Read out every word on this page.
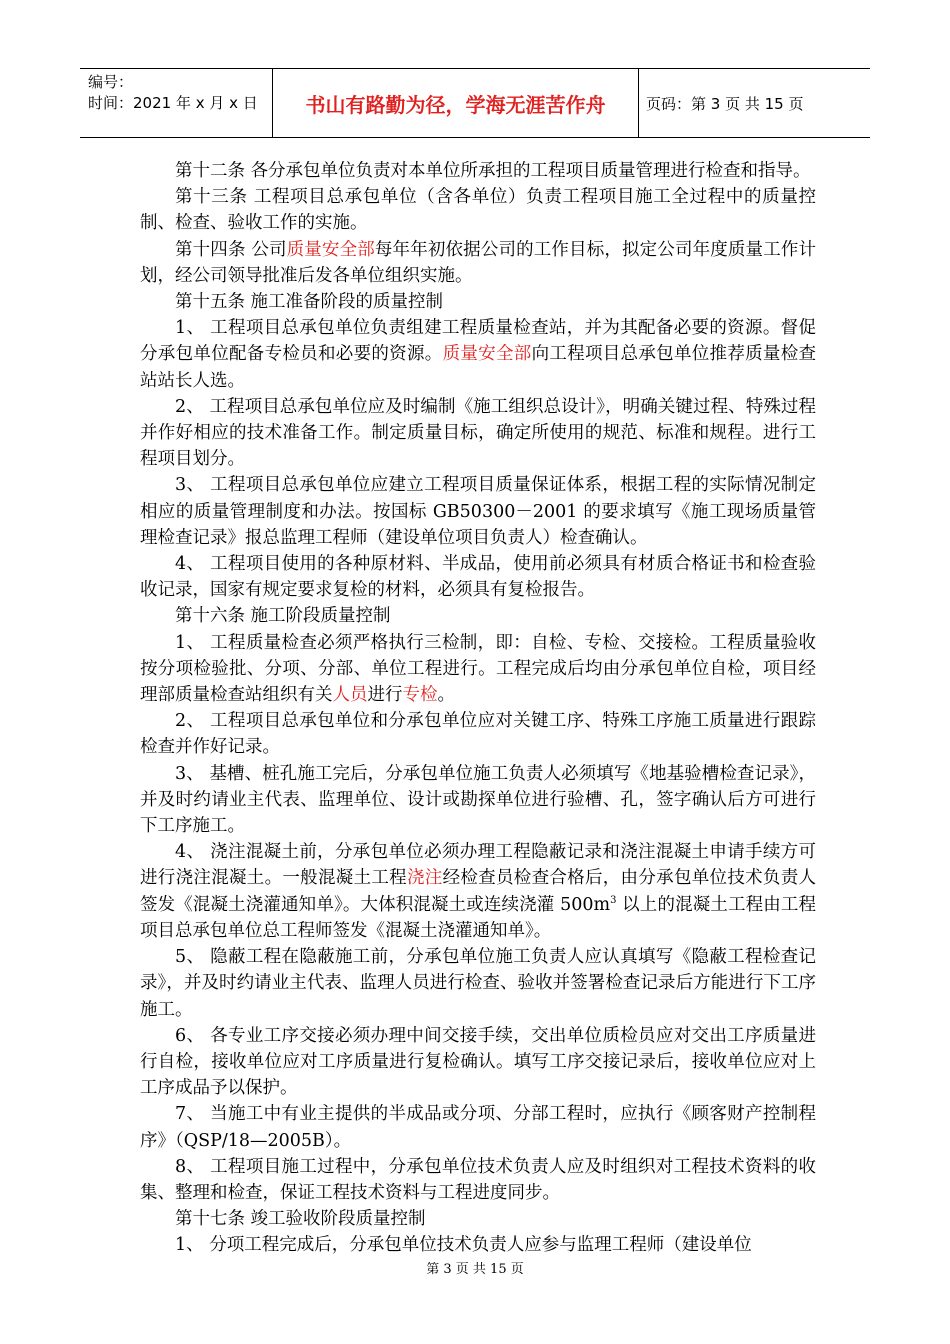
编号：
时间：2021 年 x 月 x 日	书山有路勤为径，学海无涯苦作舟	页码：第 3 页 共 15 页

第十二条 各分承包单位负责对本单位所承担的工程项目质量管理进行检查和指导。

第十三条 工程项目总承包单位（含各单位）负责工程项目施工全过程中的质量控制、检查、验收工作的实施。

第十四条 公司质量安全部每年年初依据公司的工作目标，拟定公司年度质量工作计划，经公司领导批准后发各单位组织实施。

第十五条 施工准备阶段的质量控制

1、 工程项目总承包单位负责组建工程质量检查站，并为其配备必要的资源。督促分承包单位配备专检员和必要的资源。质量安全部向工程项目总承包单位推荐质量检查站站长人选。

2、 工程项目总承包单位应及时编制《施工组织总设计》，明确关键过程、特殊过程并作好相应的技术准备工作。制定质量目标，确定所使用的规范、标准和规程。进行工程项目划分。

3、 工程项目总承包单位应建立工程项目质量保证体系，根据工程的实际情况制定相应的质量管理制度和办法。按国标 GB50300－2001 的要求填写《施工现场质量管理检查记录》报总监理工程师（建设单位项目负责人）检查确认。

4、 工程项目使用的各种原材料、半成品，使用前必须具有材质合格证书和检查验收记录，国家有规定要求复检的材料，必须具有复检报告。

第十六条 施工阶段质量控制

1、 工程质量检查必须严格执行三检制，即：自检、专检、交接检。工程质量验收按分项检验批、分项、分部、单位工程进行。工程完成后均由分承包单位自检，项目经理部质量检查站组织有关人员进行专检。

2、 工程项目总承包单位和分承包单位应对关键工序、特殊工序施工质量进行跟踪检查并作好记录。

3、 基槽、桩孔施工完后，分承包单位施工负责人必须填写《地基验槽检查记录》，并及时约请业主代表、监理单位、设计或勘探单位进行验槽、孔，签字确认后方可进行下工序施工。

4、 浇注混凝土前，分承包单位必须办理工程隐蔽记录和浇注混凝土申请手续方可进行浇注混凝土。一般混凝土工程浇注经检查员检查合格后，由分承包单位技术负责人签发《混凝土浇灌通知单》。大体积混凝土或连续浇灌 $500m^3$ 以上的混凝土工程由工程项目总承包单位总工程师签发《混凝土浇灌通知单》。

5、 隐蔽工程在隐蔽施工前，分承包单位施工负责人应认真填写《隐蔽工程检查记录》，并及时约请业主代表、监理人员进行检查、验收并签署检查记录后方能进行下工序施工。

6、 各专业工序交接必须办理中间交接手续，交出单位质检员应对交出工序质量进行自检，接收单位应对工序质量进行复检确认。填写工序交接记录后，接收单位应对上工序成品予以保护。

7、 当施工中有业主提供的半成品或分项、分部工程时，应执行《顾客财产控制程序》（QSP/18—2005B）。

8、 工程项目施工过程中，分承包单位技术负责人应及时组织对工程技术资料的收集、整理和检查，保证工程技术资料与工程进度同步。

第十七条 竣工验收阶段质量控制

1、 分项工程完成后，分承包单位技术负责人应参与监理工程师（建设单位

第 3 页 共 15 页
